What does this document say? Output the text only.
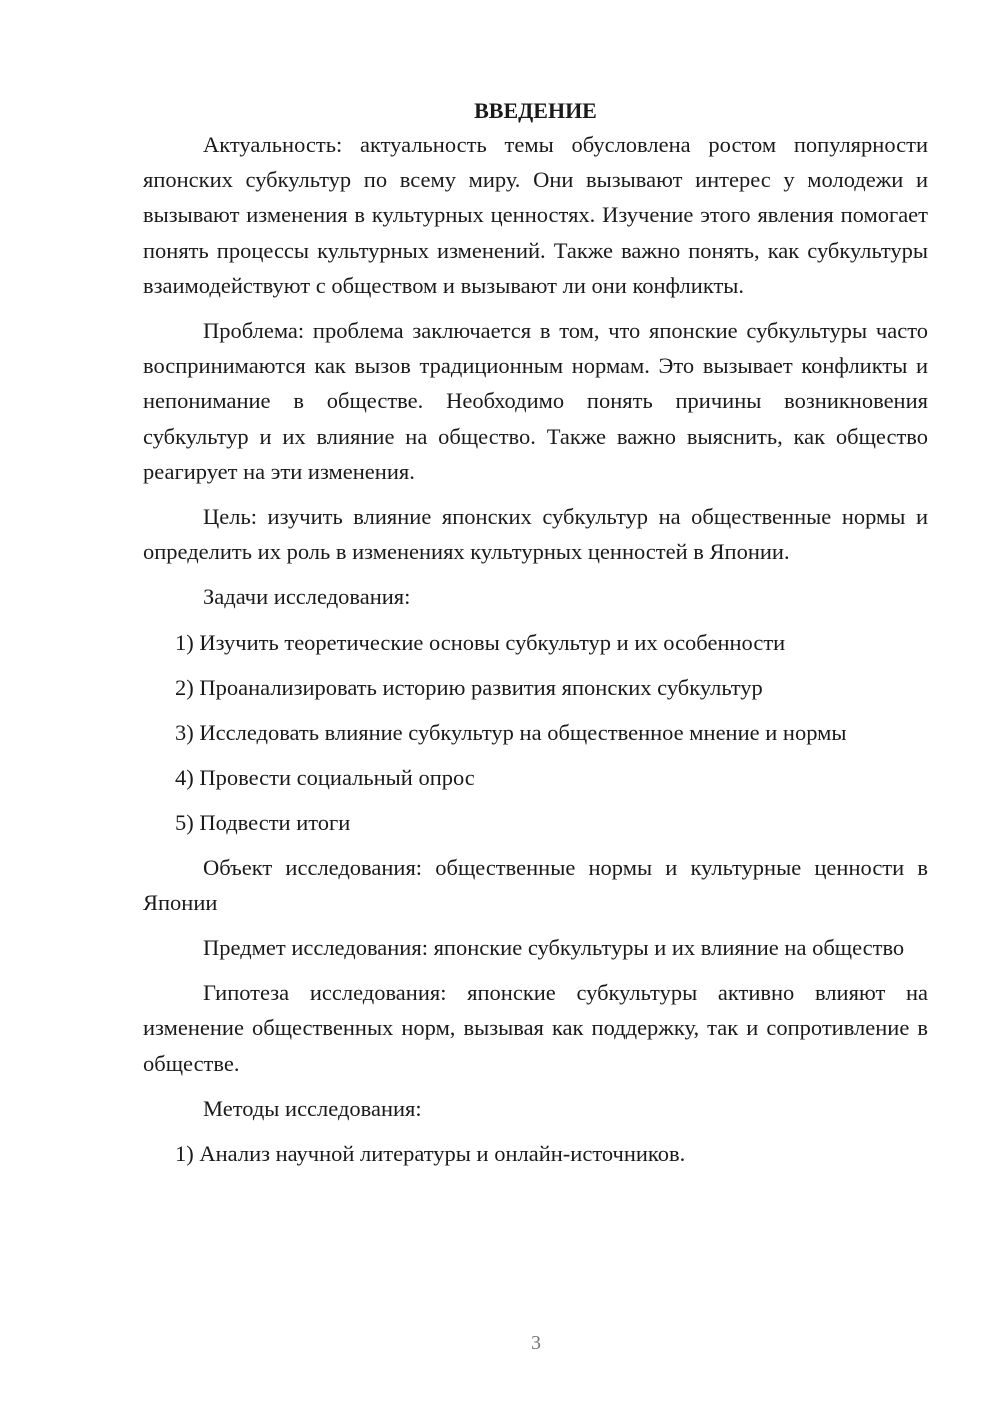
ВВЕДЕНИЕ

Актуальность: актуальность темы обусловлена ростом популярности японских субкультур по всему миру. Они вызывают интерес у молодежи и вызывают изменения в культурных ценностях. Изучение этого явления помогает понять процессы культурных изменений. Также важно понять, как субкультуры взаимодействуют с обществом и вызывают ли они конфликты.

Проблема: проблема заключается в том, что японские субкультуры часто воспринимаются как вызов традиционным нормам. Это вызывает конфликты и непонимание в обществе. Необходимо понять причины возникновения субкультур и их влияние на общество. Также важно выяснить, как общество реагирует на эти изменения.

Цель: изучить влияние японских субкультур на общественные нормы и определить их роль в изменениях культурных ценностей в Японии.

Задачи исследования:

1) Изучить теоретические основы субкультур и их особенности

2) Проанализировать историю развития японских субкультур

3) Исследовать влияние субкультур на общественное мнение и нормы

4) Провести социальный опрос

5) Подвести итоги

Объект исследования: общественные нормы и культурные ценности в Японии

Предмет исследования: японские субкультуры и их влияние на общество

Гипотеза исследования: японские субкультуры активно влияют на изменение общественных норм, вызывая как поддержку, так и сопротивление в обществе.

Методы исследования:

1) Анализ научной литературы и онлайн-источников.

3
